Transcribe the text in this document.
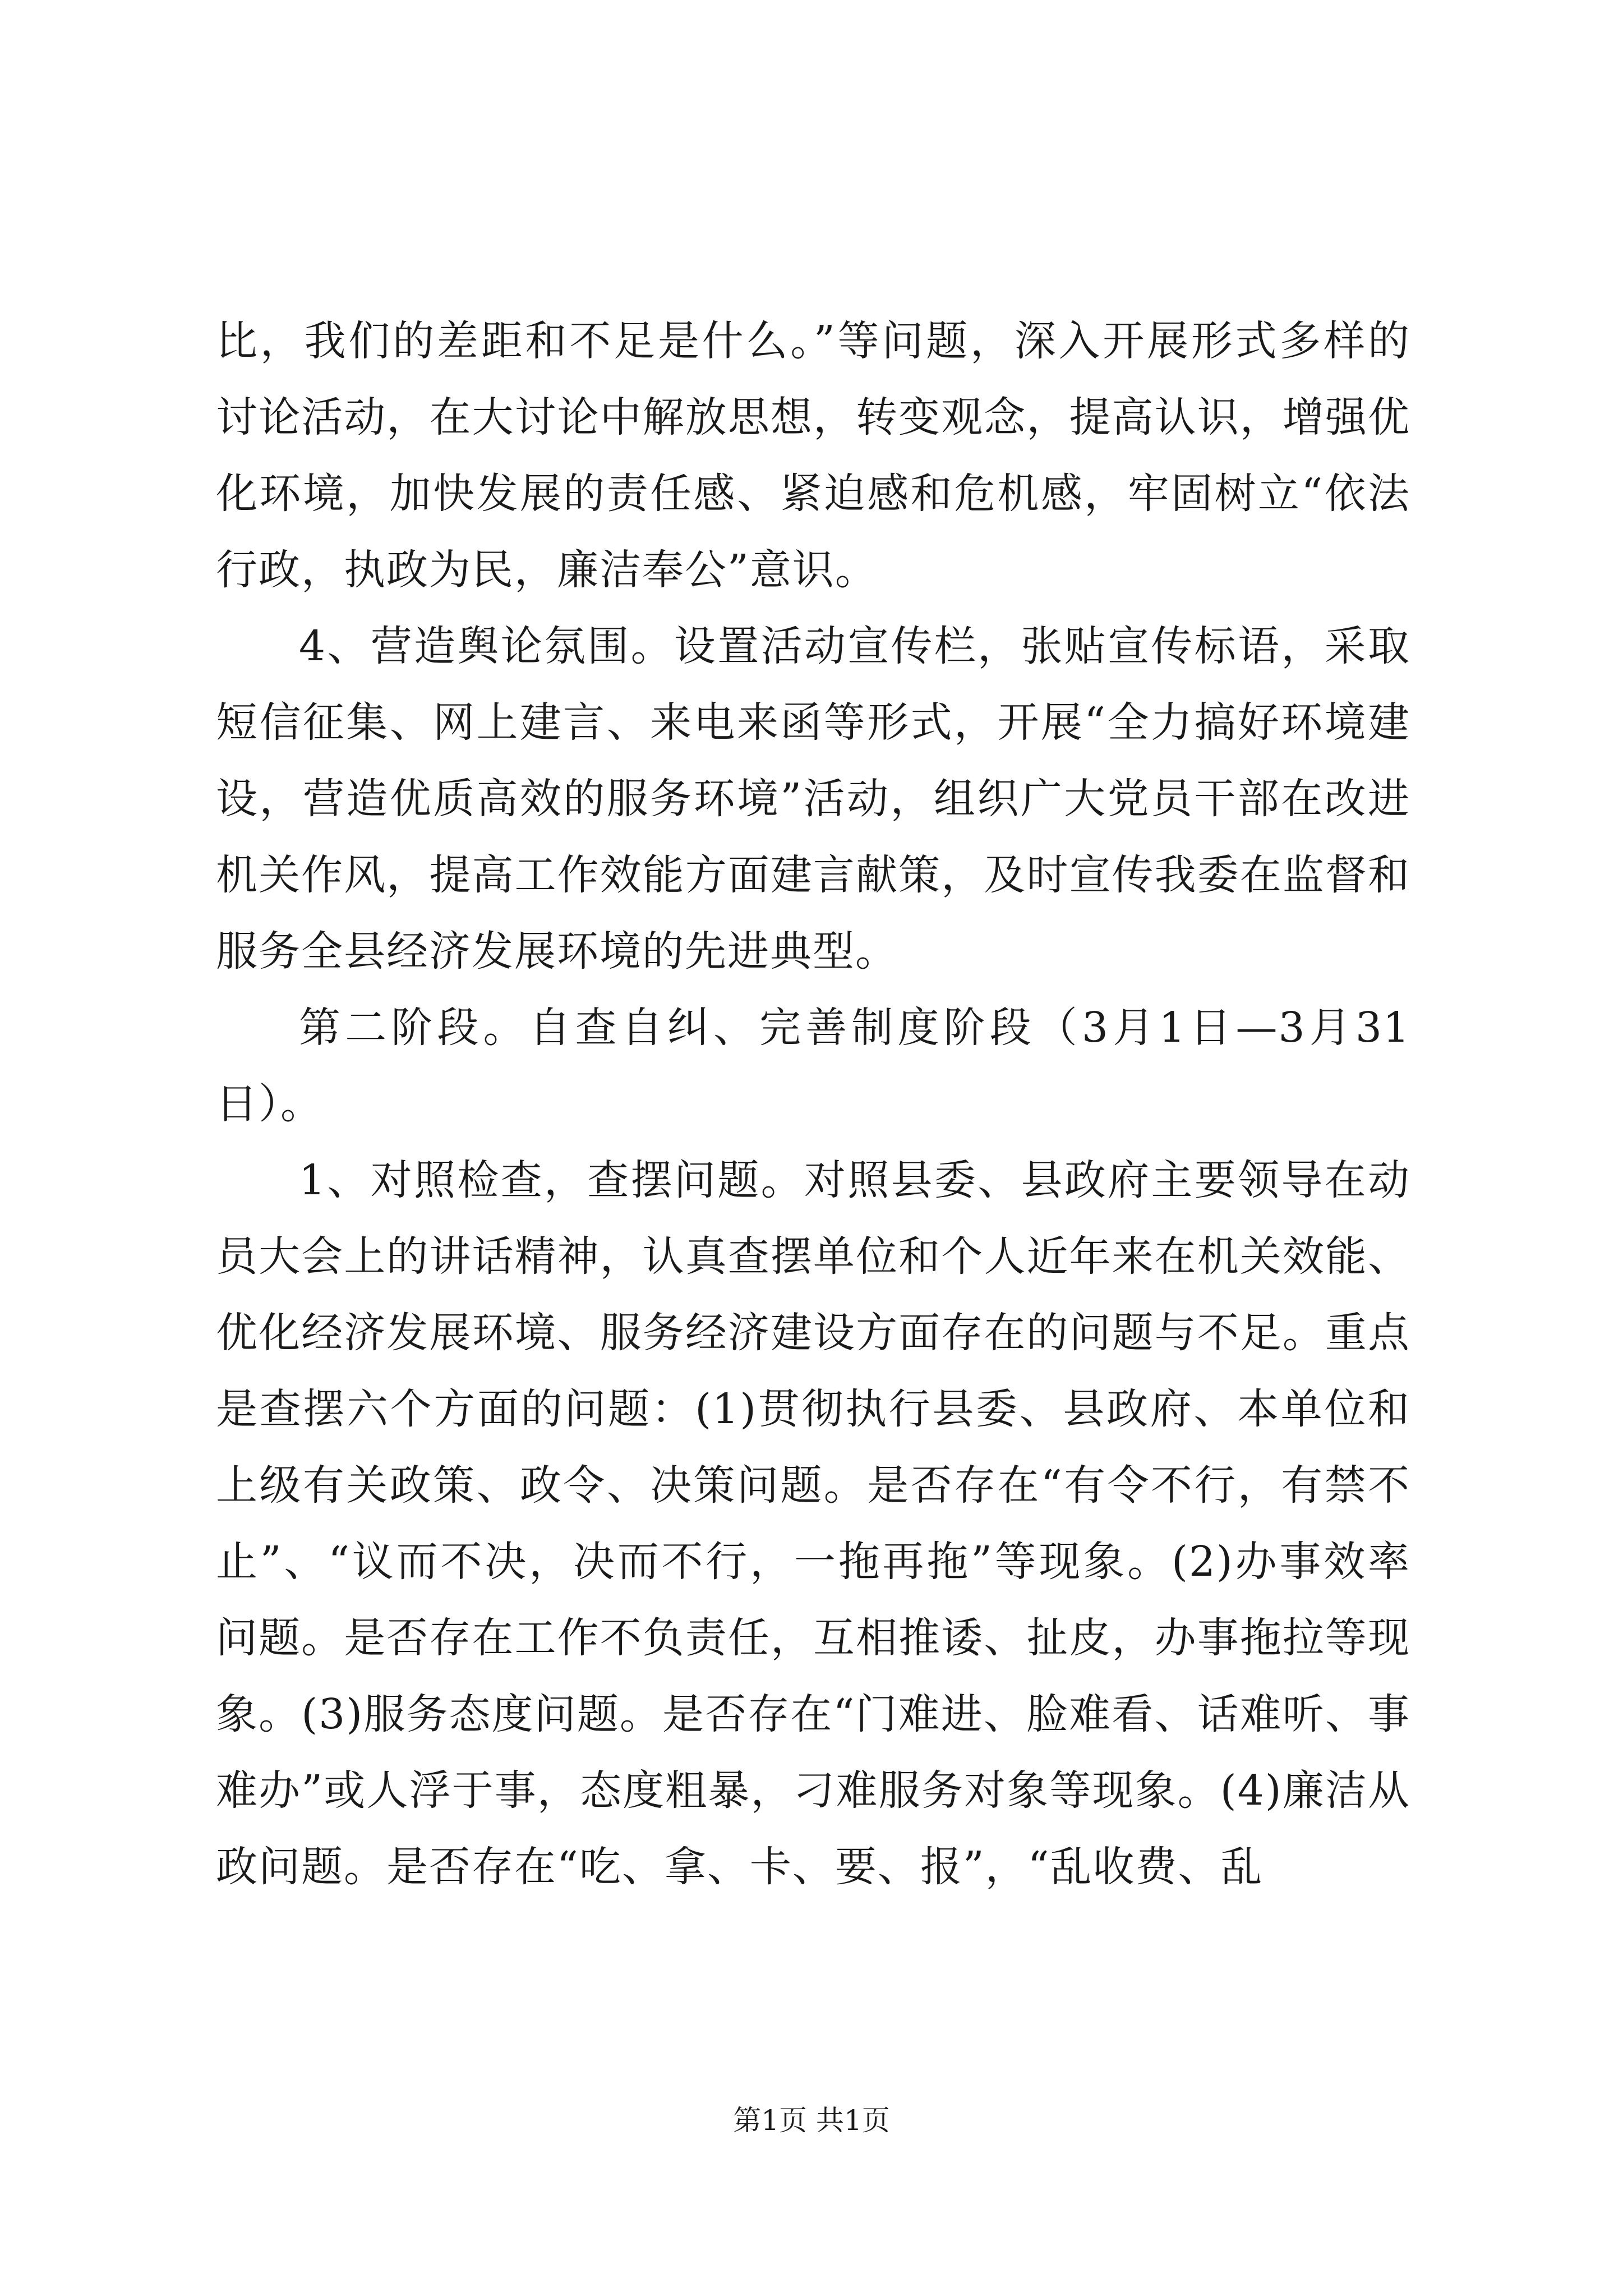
比，我们的差距和不足是什么。”等问题，深入开展形式多样的讨论活动，在大讨论中解放思想，转变观念，提高认识，增强优化环境，加快发展的责任感、紧迫感和危机感，牢固树立“依法行政，执政为民，廉洁奉公”意识。

4、营造舆论氛围。设置活动宣传栏，张贴宣传标语，采取短信征集、网上建言、来电来函等形式，开展“全力搞好环境建设，营造优质高效的服务环境”活动，组织广大党员干部在改进机关作风，提高工作效能方面建言献策，及时宣传我委在监督和服务全县经济发展环境的先进典型。

第二阶段。自查自纠、完善制度阶段（3月1日—3月31日）。

1、对照检查，查摆问题。对照县委、县政府主要领导在动员大会上的讲话精神，认真查摆单位和个人近年来在机关效能、优化经济发展环境、服务经济建设方面存在的问题与不足。重点是查摆六个方面的问题：(1)贯彻执行县委、县政府、本单位和上级有关政策、政令、决策问题。是否存在“有令不行，有禁不止”、“议而不决，决而不行，一拖再拖”等现象。(2)办事效率问题。是否存在工作不负责任，互相推诿、扯皮，办事拖拉等现象。(3)服务态度问题。是否存在“门难进、脸难看、话难听、事难办”或人浮于事，态度粗暴，刁难服务对象等现象。(4)廉洁从政问题。是否存在“吃、拿、卡、要、报”，“乱收费、乱

第1页 共1页
